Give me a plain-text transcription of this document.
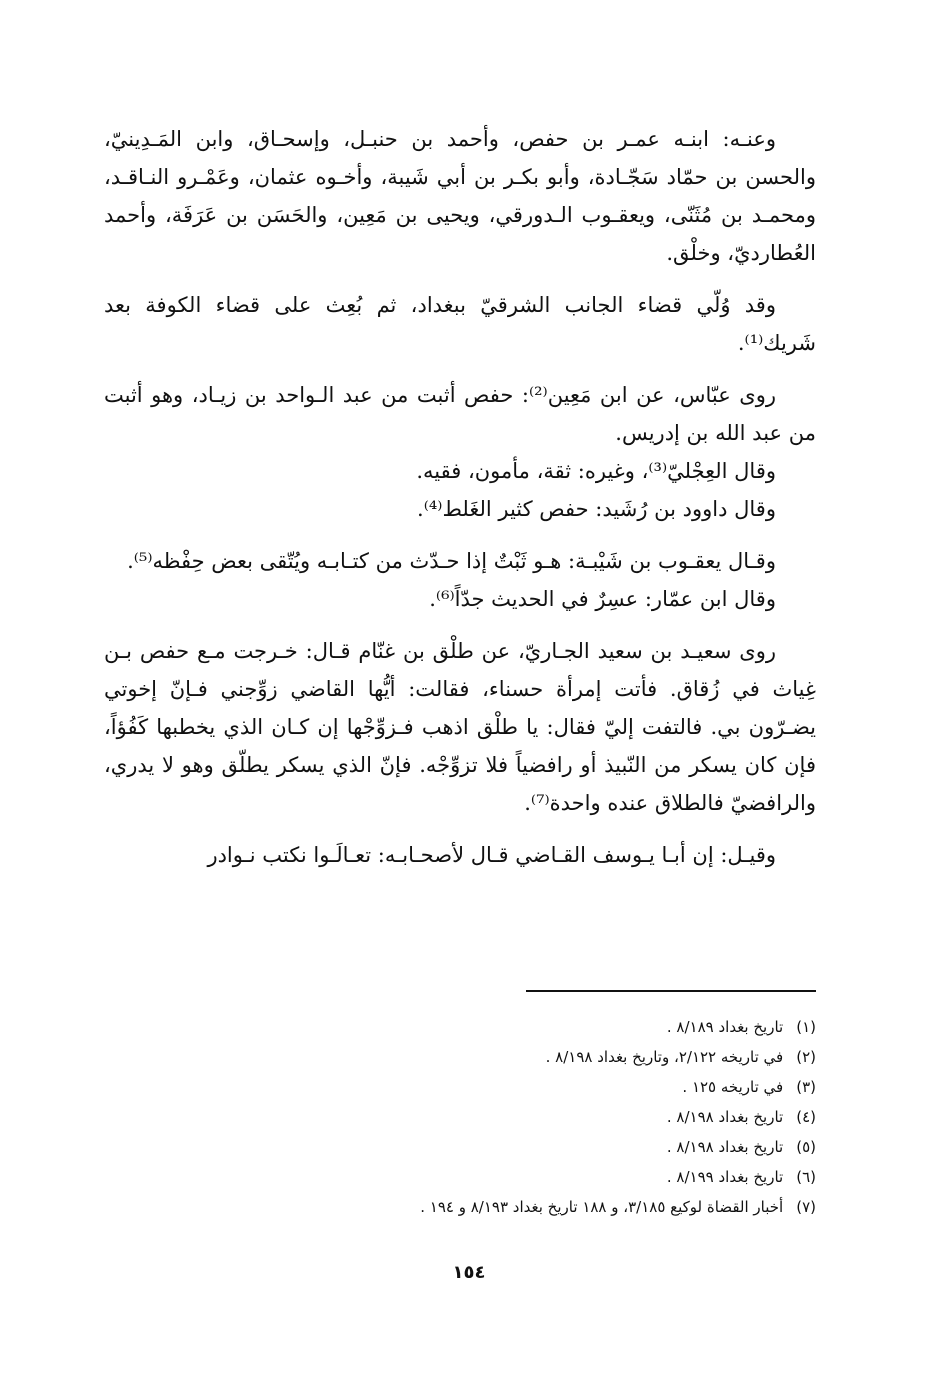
وعنـه: ابنـه عمـر بن حفص، وأحمد بن حنبـل، وإسحـاق، وابن المَـدِينيّ، والحسن بن حمّاد سَجّـادة، وأبو بكـر بن أبي شَيبة، وأخـوه عثمان، وعَمْـرو النـاقـد، ومحمـد بن مُثَنّى، ويعقـوب الـدورقي، ويحيى بن مَعِين، والحَسَن بن عَرَفَة، وأحمد العُطارديّ، وخلْق.

وقد وُلّي قضاء الجانب الشرقيّ ببغداد، ثم بُعِث على قضاء الكوفة بعد شَريك⁽¹⁾.

روى عبّاس، عن ابن مَعِين⁽²⁾: حفص أثبت من عبد الـواحد بن زيـاد، وهو أثبت من عبد الله بن إدريس.

وقال العِجْليّ⁽³⁾، وغيره: ثقة، مأمون، فقيه.

وقال داوود بن رُشَيد: حفص كثير الغَلط⁽⁴⁾.

وقـال يعقـوب بن شَيْبـة: هـو ثَبْتٌ إذا حـدّث من كتـابـه ويُتّقى بعض حِفْظه⁽⁵⁾.

وقال ابن عمّار: عسِرٌ في الحديث جدّاً⁽⁶⁾.

روى سعيـد بن سعيد الجـاريّ، عن طلْق بن غنّام قـال: خـرجت مـع حفص بـن غِياث في زُقاق. فأتت إمرأة حسناء، فقالت: أيُّها القاضي زوِّجني فـإنّ إخوتي يضـرّون بي. فالتفت إليّ فقال: يا طلْق اذهب فـزوِّجْها إن كـان الذي يخطبها كَفُؤاً، فإن كان يسكر من النّبيذ أو رافضياً فلا تزوِّجْه. فإنّ الذي يسكر يطلّق وهو لا يدري، والرافضيّ فالطلاق عنده واحدة⁽⁷⁾.

وقيـل: إن أبـا يـوسف القـاضي قـال لأصحـابـه: تعـالَـوا نكتب نـوادر

(١) تاريخ بغداد ٨/١٨٩ .
(٢) في تاريخه ٢/١٢٢، وتاريخ بغداد ٨/١٩٨ .
(٣) في تاريخه ١٢٥ .
(٤) تاريخ بغداد ٨/١٩٨ .
(٥) تاريخ بغداد ٨/١٩٨ .
(٦) تاريخ بغداد ٨/١٩٩ .
(٧) أخبار القضاة لوكيع ٣/١٨٥، و ١٨٨ تاريخ بغداد ٨/١٩٣ و ١٩٤ .
١٥٤
